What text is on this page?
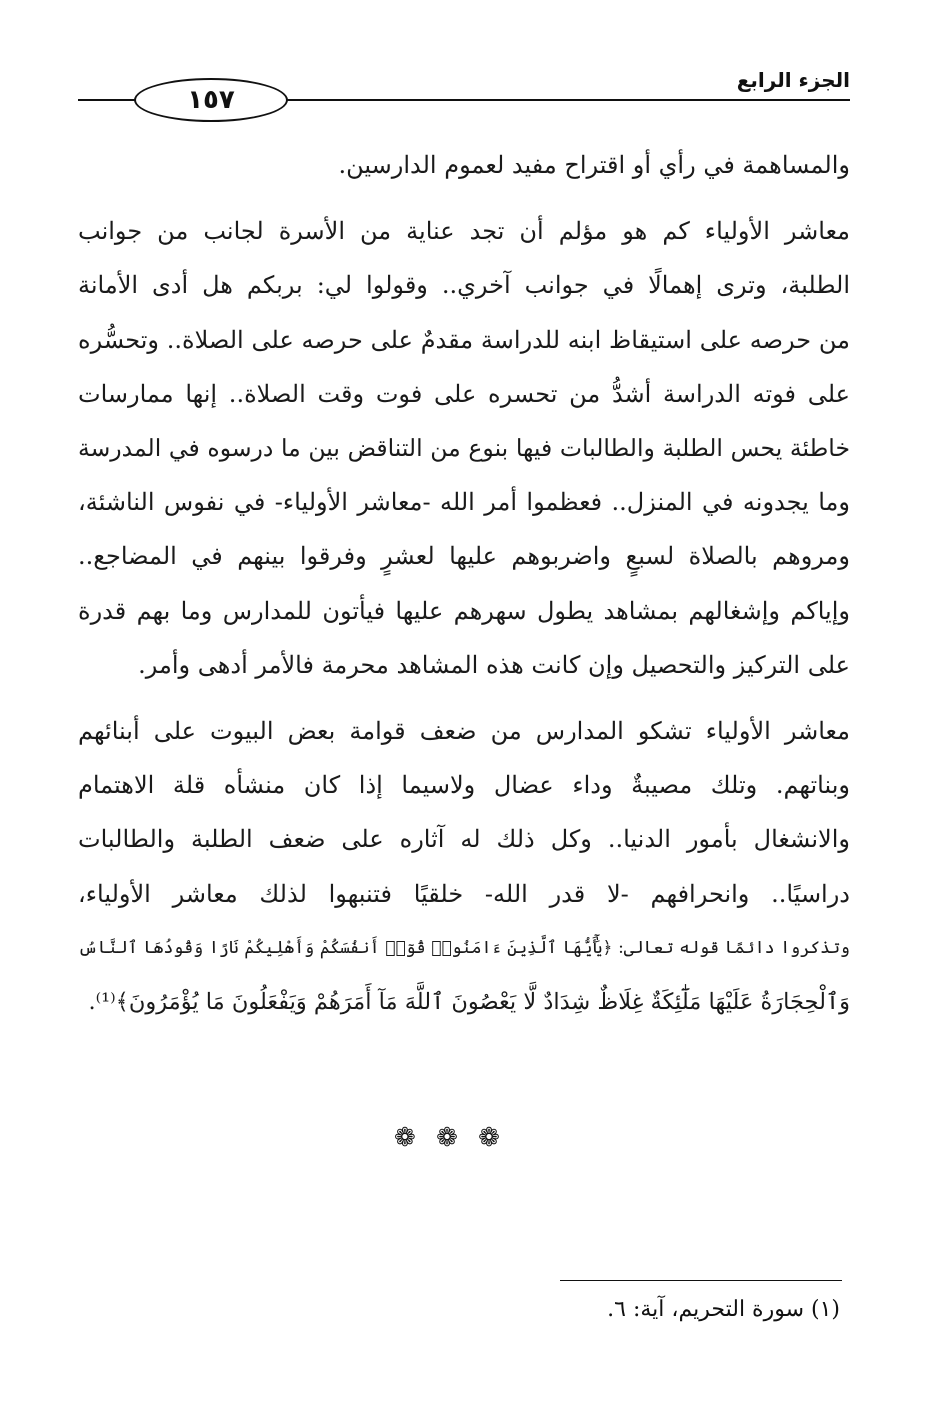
الجزء الرابع
١٥٧

والمساهمة في رأي أو اقتراح مفيد لعموم الدارسين.

معاشر الأولياء كم هو مؤلم أن تجد عناية من الأسرة لجانب من جوانب

الطلبة، وترى إهمالًا في جوانب آخري.. وقولوا لي: بربكم هل أدى الأمانة

من حرصه على استيقاظ ابنه للدراسة مقدمٌ على حرصه على الصلاة.. وتحسُّره

على فوته الدراسة أشدُّ من تحسره على فوت وقت الصلاة.. إنها ممارسات

خاطئة يحس الطلبة والطالبات فيها بنوع من التناقض بين ما درسوه في المدرسة

وما يجدونه في المنزل.. فعظموا أمر الله -معاشر الأولياء- في نفوس الناشئة،

ومروهم بالصلاة لسبعٍ واضربوهم عليها لعشرٍ وفرقوا بينهم في المضاجع..

وإياكم وإشغالهم بمشاهد يطول سهرهم عليها فيأتون للمدارس وما بهم قدرة

على التركيز والتحصيل وإن كانت هذه المشاهد محرمة فالأمر أدهى وأمر.

معاشر الأولياء تشكو المدارس من ضعف قوامة بعض البيوت على أبنائهم

وبناتهم. وتلك مصيبةٌ وداء عضال ولاسيما إذا كان منشأه قلة الاهتمام

والانشغال بأمور الدنيا.. وكل ذلك له آثاره على ضعف الطلبة والطالبات

دراسيًا.. وانحرافهم -لا قدر الله- خلقيًا فتنبهوا لذلك معاشر الأولياء،

وتذكروا دائمًا قوله تعالى: ﴿يَٰٓأَيُّهَا ٱلَّذِينَ ءَامَنُوا۟ قُوٓا۟ أَنفُسَكُمْ وَأَهْلِيكُمْ نَارًا وَقُودُهَا ٱلنَّاسُ

وَٱلْحِجَارَةُ عَلَيْهَا مَلَٰٓئِكَةٌ غِلَاظٌ شِدَادٌ لَّا يَعْصُونَ ٱللَّهَ مَآ أَمَرَهُمْ وَيَفْعَلُونَ مَا يُؤْمَرُونَ﴾⁽¹⁾.

❁ ❁ ❁
(١) سورة التحريم، آية: ٦.
